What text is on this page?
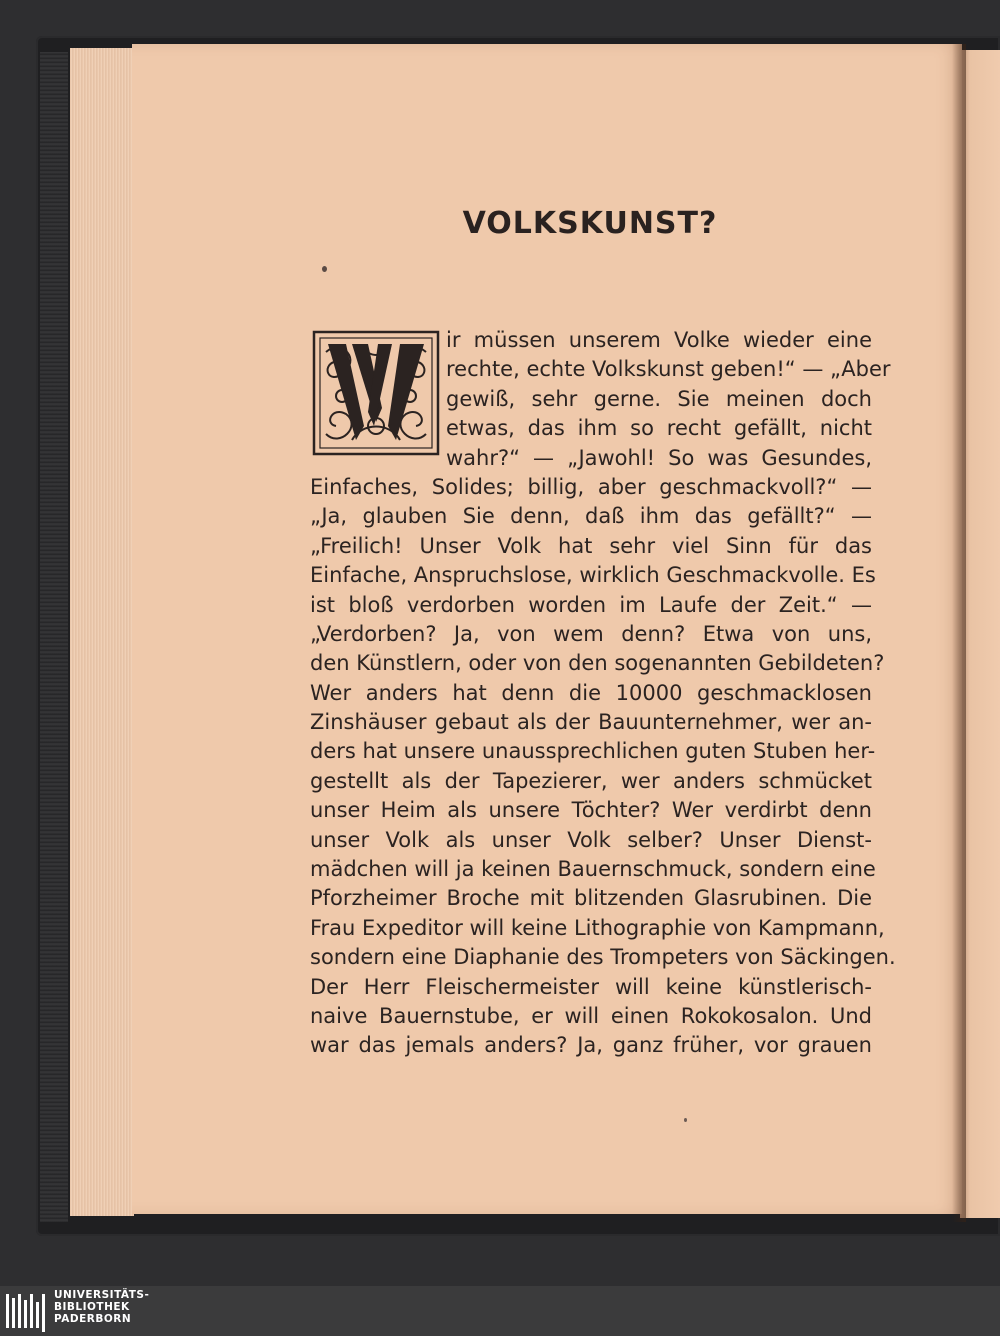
VOLKSKUNST?
W	ir müssen unserem Volke wieder eine
rechte, echte Volkskunst geben!“ — „Aber
gewiß, sehr gerne. Sie meinen doch
etwas, das ihm so recht gefällt, nicht
wahr?“ — „Jawohl! So was Gesundes,
Einfaches, Solides; billig, aber geschmackvoll?“ —
„Ja, glauben Sie denn, daß ihm das gefällt?“ —
„Freilich! Unser Volk hat sehr viel Sinn für das
Einfache, Anspruchslose, wirklich Geschmackvolle. Es
ist bloß verdorben worden im Laufe der Zeit.“ —
„Verdorben? Ja, von wem denn? Etwa von uns,
den Künstlern, oder von den sogenannten Gebildeten?
Wer anders hat denn die 10000 geschmacklosen
Zinshäuser gebaut als der Bauunternehmer, wer an-
ders hat unsere unaussprechlichen guten Stuben her-
gestellt als der Tapezierer, wer anders schmücket
unser Heim als unsere Töchter? Wer verdirbt denn
unser Volk als unser Volk selber? Unser Dienst-
mädchen will ja keinen Bauernschmuck, sondern eine
Pforzheimer Broche mit blitzenden Glasrubinen. Die
Frau Expeditor will keine Lithographie von Kampmann,
sondern eine Diaphanie des Trompeters von Säckingen.
Der Herr Fleischermeister will keine künstlerisch-
naive Bauernstube, er will einen Rokokosalon. Und
war das jemals anders? Ja, ganz früher, vor grauen
UNIVERSITÄTS-
BIBLIOTHEK
PADERBORN
